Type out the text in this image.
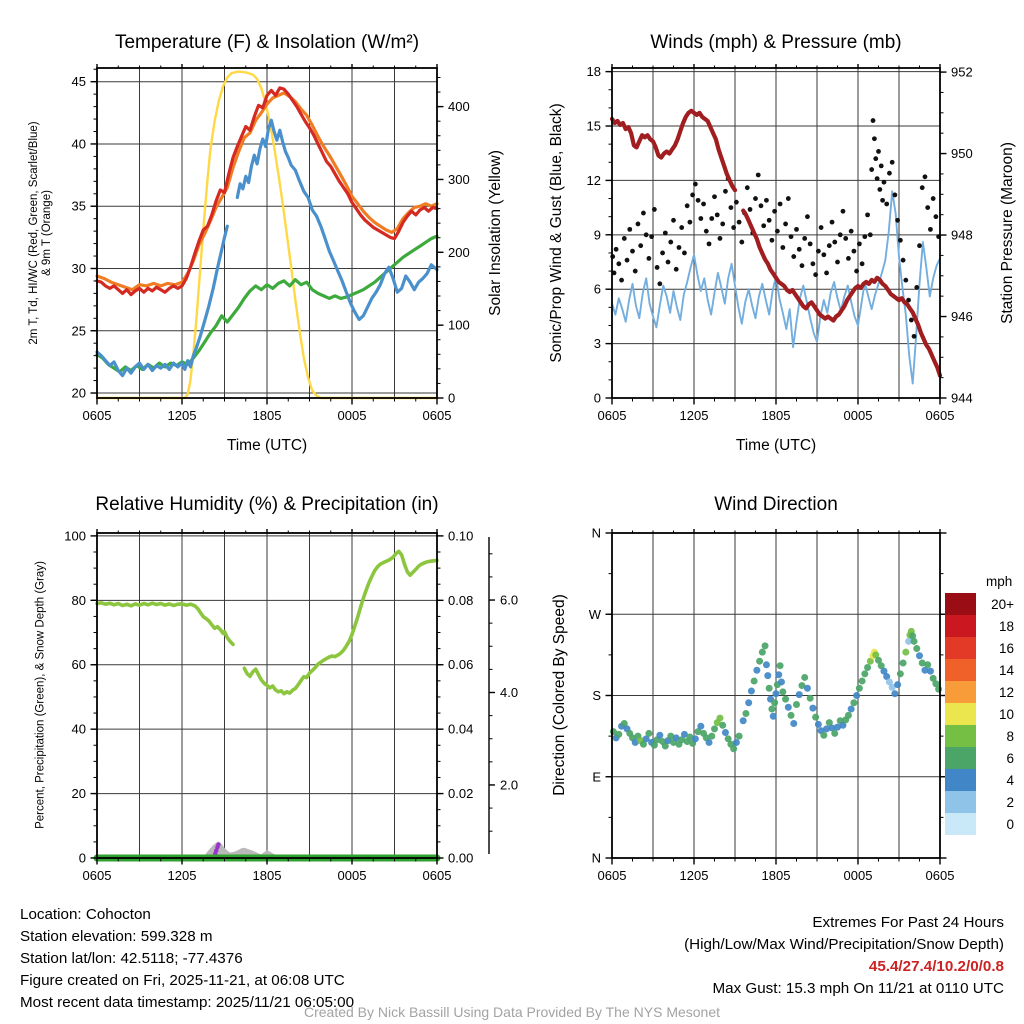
0605	1205	1805	0005	0605
20
25
30
35
40
45
0
100
200
300
400
0605	1205	1805	0005	0605
0
3
6
9
12
15
18
944
946
948
950
952
0605	1205	1805	0005	0605
0
20
40
60
80
100
0.00
0.02
0.04
0.06
0.08
0.10
2.0
4.0
6.0
0605	1205	1805	0005	0605
N
E
S
W
N
20+
18
16
14
12
10
8
6
4
2
0
Temperature (F) & Insolation (W/m²)	Winds (mph) & Pressure (mb)
Relative Humidity (%) & Precipitation (in)	Wind Direction
Time (UTC)	Time (UTC)
2m T, Td, HI/WC (Red, Green, Scarlet/Blue) & 9m T (Orange)	Solar Insolation (Yellow)	Sonic/Prop Wind & Gust (Blue, Black)	Station Pressure (Maroon)
Percent, Precipitation (Green), & Snow Depth (Gray)	Direction (Colored By Speed)
mph
Location: Cohocton
Station elevation: 599.328 m
Station lat/lon: 42.5118; -77.4376
Figure created on Fri, 2025-11-21, at 06:08 UTC
Most recent data timestamp: 2025/11/21 06:05:00
Extremes For Past 24 Hours
(High/Low/Max Wind/Precipitation/Snow Depth)
45.4/27.4/10.2/0/0.8
Max Gust: 15.3 mph On 11/21 at 0110 UTC
Created By Nick Bassill Using Data Provided By The NYS Mesonet
